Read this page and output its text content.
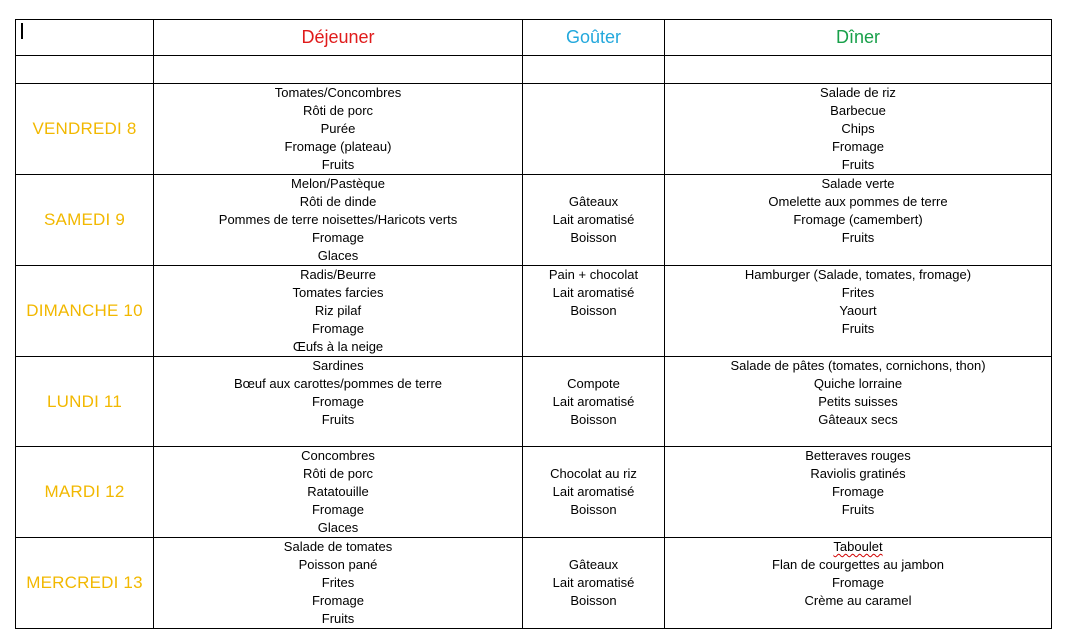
	Déjeuner	Goûter	Dîner

VENDREDI 8	Tomates/Concombres
Rôti de porc
Purée
Fromage (plateau)
Fruits		Salade de riz
Barbecue
Chips
Fromage
Fruits

SAMEDI 9	Melon/Pastèque
Rôti de dinde
Pommes de terre noisettes/Haricots verts
Fromage
Glaces	Gâteaux
Lait aromatisé
Boisson	Salade verte
Omelette aux pommes de terre
Fromage (camembert)
Fruits

DIMANCHE 10	Radis/Beurre
Tomates farcies
Riz pilaf
Fromage
Œufs à la neige	Pain + chocolat
Lait aromatisé
Boisson	Hamburger (Salade, tomates, fromage)
Frites
Yaourt
Fruits

LUNDI 11	Sardines
Bœuf aux carottes/pommes de terre
Fromage
Fruits	Compote
Lait aromatisé
Boisson	Salade de pâtes (tomates, cornichons, thon)
Quiche lorraine
Petits suisses
Gâteaux secs

MARDI 12	Concombres
Rôti de porc
Ratatouille
Fromage
Glaces	Chocolat au riz
Lait aromatisé
Boisson	Betteraves rouges
Raviolis gratinés
Fromage
Fruits

MERCREDI 13	Salade de tomates
Poisson pané
Frites
Fromage
Fruits	Gâteaux
Lait aromatisé
Boisson	Taboulet
Flan de courgettes au jambon
Fromage
Crème au caramel
